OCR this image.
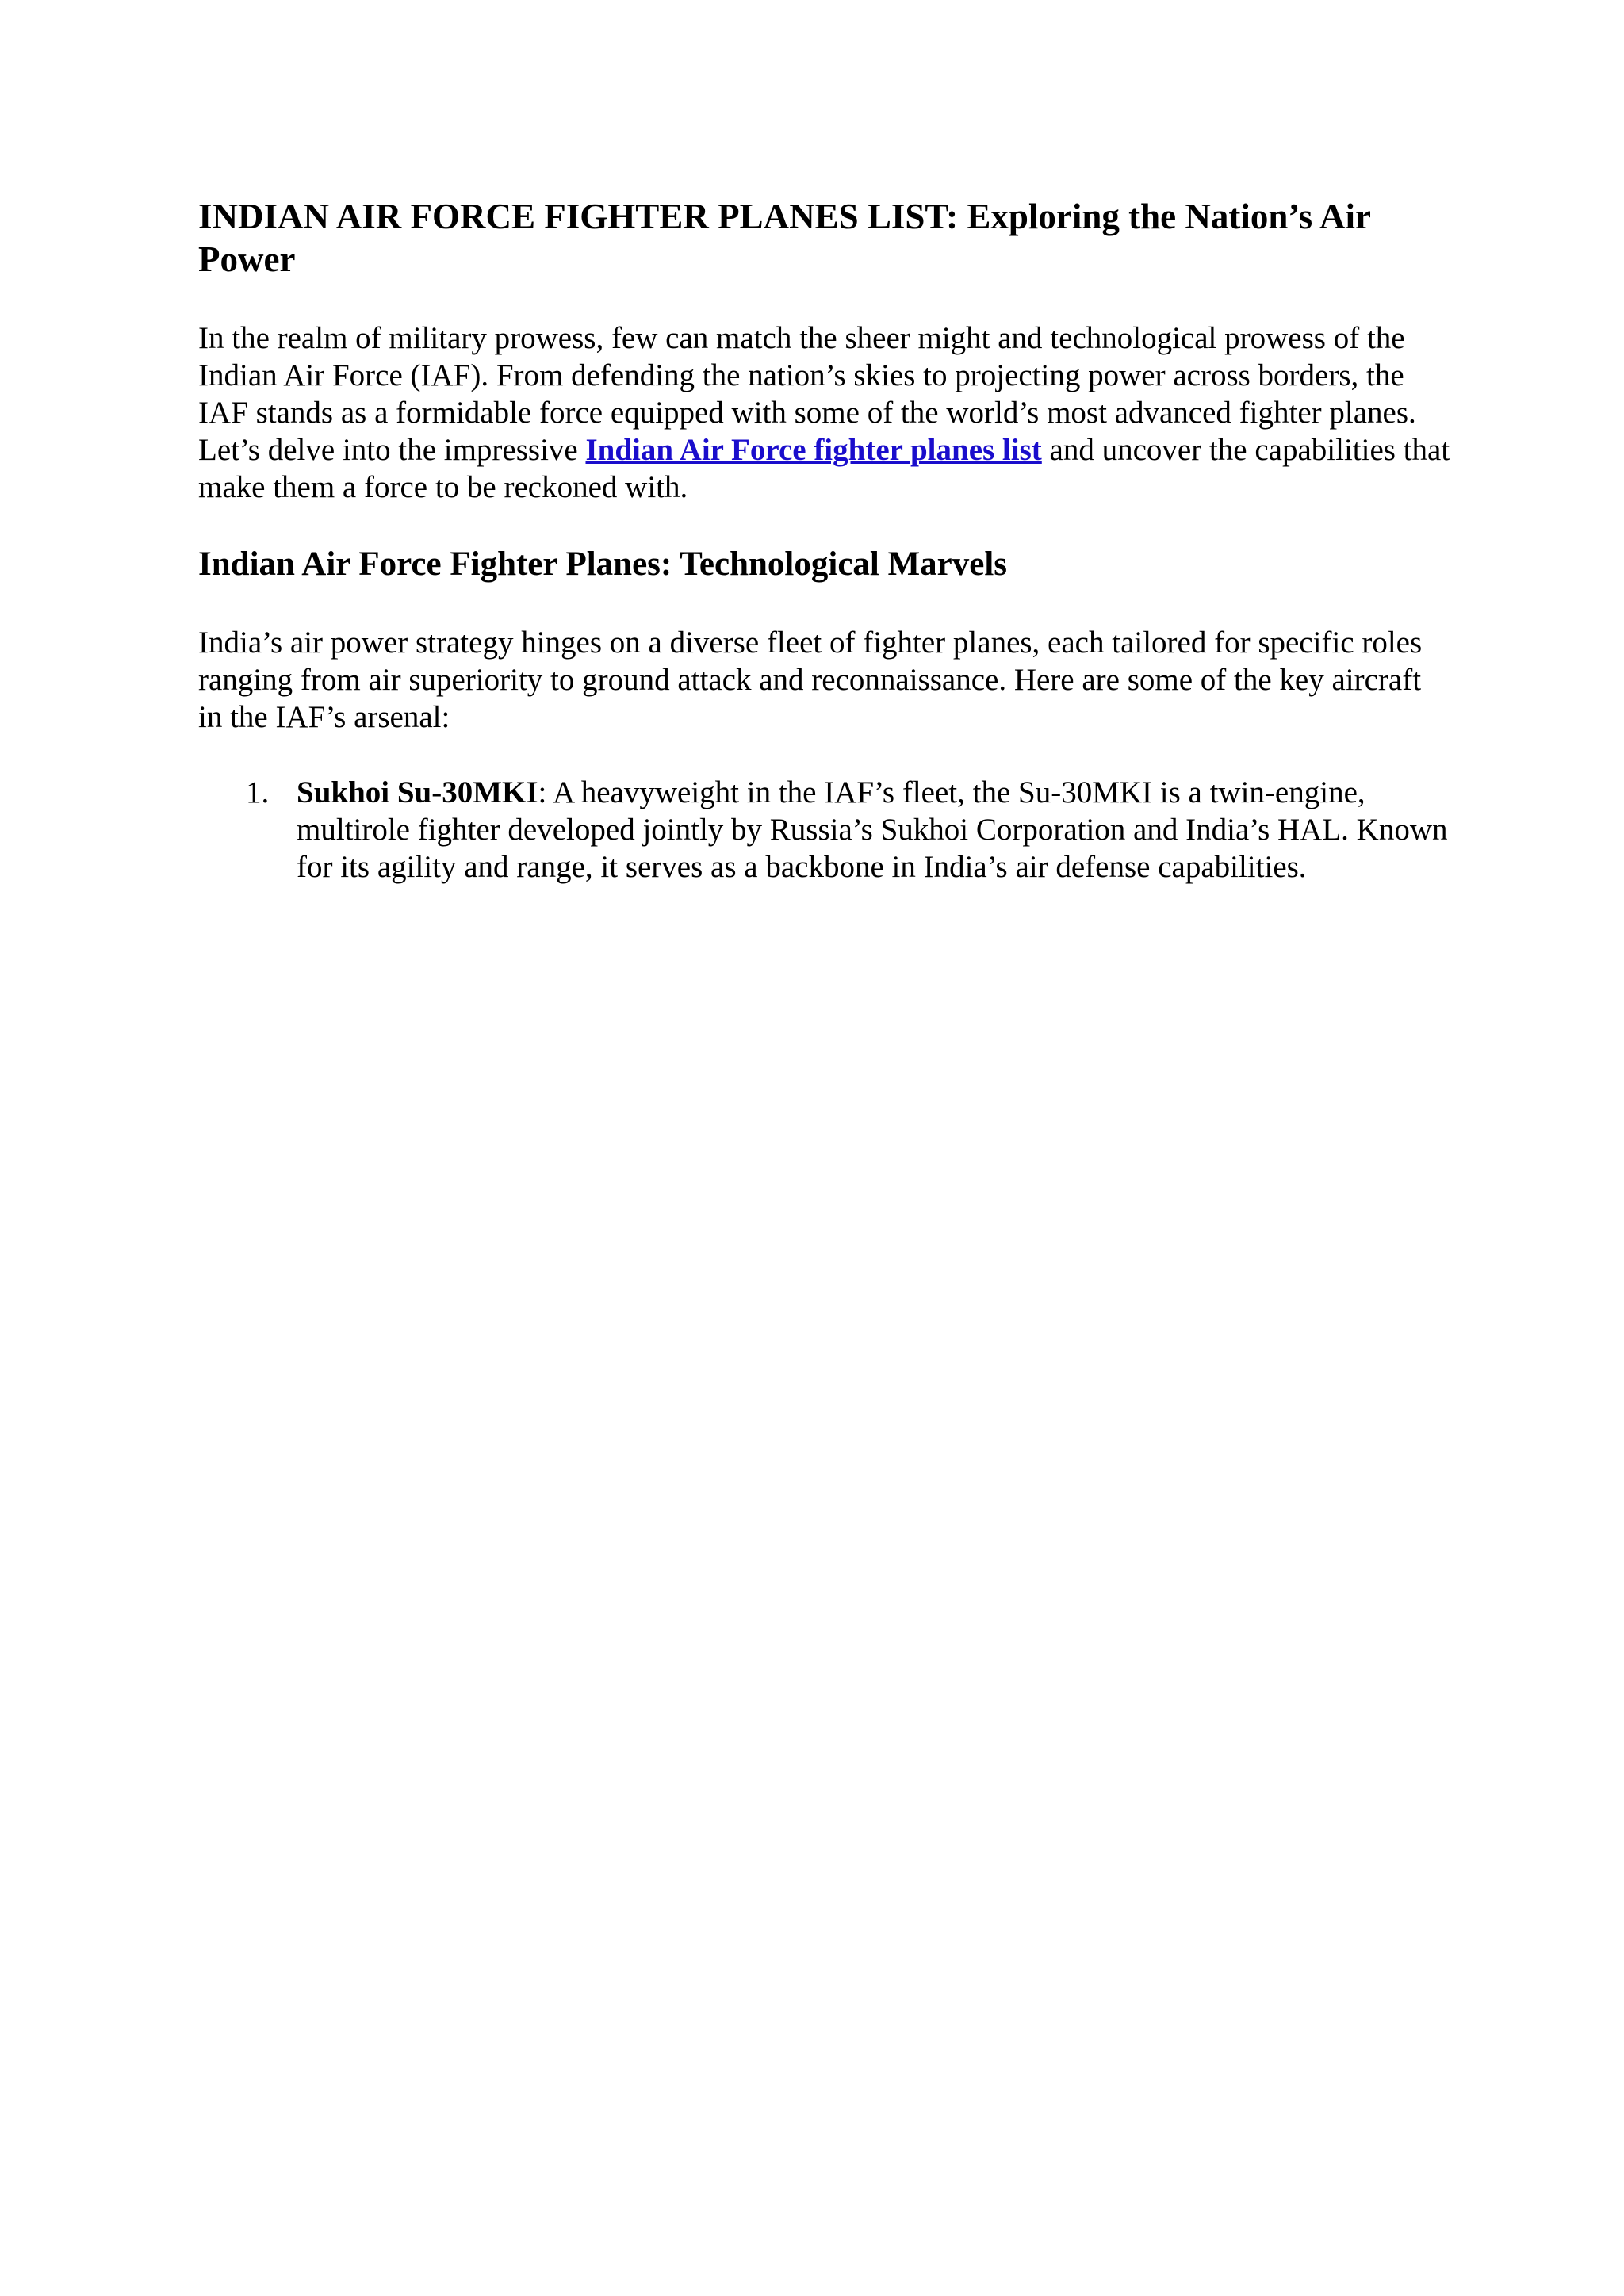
INDIAN AIR FORCE FIGHTER PLANES LIST: Exploring the Nation’s Air Power

In the realm of military prowess, few can match the sheer might and technological prowess of the Indian Air Force (IAF). From defending the nation’s skies to projecting power across borders, the IAF stands as a formidable force equipped with some of the world’s most advanced fighter planes. Let’s delve into the impressive Indian Air Force fighter planes list and uncover the capabilities that make them a force to be reckoned with.

Indian Air Force Fighter Planes: Technological Marvels

India’s air power strategy hinges on a diverse fleet of fighter planes, each tailored for specific roles ranging from air superiority to ground attack and reconnaissance. Here are some of the key aircraft in the IAF’s arsenal:

1. Sukhoi Su-30MKI: A heavyweight in the IAF’s fleet, the Su-30MKI is a twin-engine, multirole fighter developed jointly by Russia’s Sukhoi Corporation and India’s HAL. Known for its agility and range, it serves as a backbone in India’s air defense capabilities.
